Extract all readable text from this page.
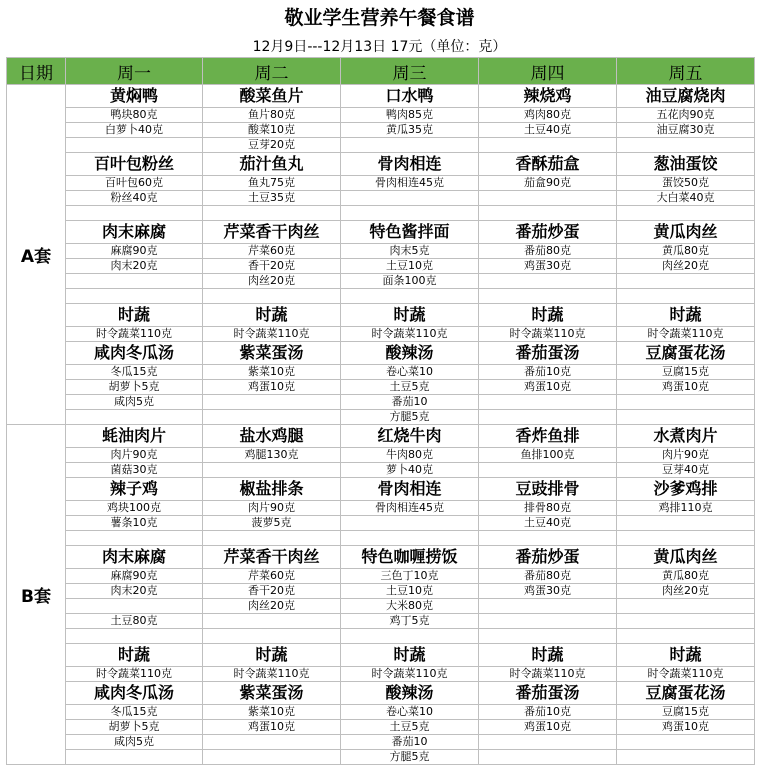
敬业学生营养午餐食谱
12月9日---12月13日 17元（单位：克）
日期	周一	周二	周三	周四	周五
A套	黄焖鸭	酸菜鱼片	口水鸭	辣烧鸡	油豆腐烧肉
	鸭块80克	鱼片80克	鸭肉85克	鸡肉80克	五花肉90克
	白萝卜40克	酸菜10克	黄瓜35克	土豆40克	油豆腐30克
		豆芽20克			
	百叶包粉丝	茄汁鱼丸	骨肉相连	香酥茄盒	葱油蛋饺
	百叶包60克	鱼丸75克	骨肉相连45克	茄盒90克	蛋饺50克
	粉丝40克	土豆35克			大白菜40克

	肉末麻腐	芹菜香干肉丝	特色酱拌面	番茄炒蛋	黄瓜肉丝
	麻腐90克	芹菜60克	肉末5克	番茄80克	黄瓜80克
	肉末20克	香干20克	土豆10克	鸡蛋30克	肉丝20克
		肉丝20克	面条100克		

	时蔬	时蔬	时蔬	时蔬	时蔬
	时令蔬菜110克	时令蔬菜110克	时令蔬菜110克	时令蔬菜110克	时令蔬菜110克
	咸肉冬瓜汤	紫菜蛋汤	酸辣汤	番茄蛋汤	豆腐蛋花汤
	冬瓜15克	紫菜10克	卷心菜10	番茄10克	豆腐15克
	胡萝卜5克	鸡蛋10克	土豆5克	鸡蛋10克	鸡蛋10克
	咸肉5克		番茄10		
			方腿5克		
B套	蚝油肉片	盐水鸡腿	红烧牛肉	香炸鱼排	水煮肉片
	肉片90克	鸡腿130克	牛肉80克	鱼排100克	肉片90克
	菌菇30克		萝卜40克		豆芽40克
	辣子鸡	椒盐排条	骨肉相连	豆豉排骨	沙爹鸡排
	鸡块100克	肉片90克	骨肉相连45克	排骨80克	鸡排110克
	薯条10克	菠萝5克		土豆40克	

	肉末麻腐	芹菜香干肉丝	特色咖喱捞饭	番茄炒蛋	黄瓜肉丝
	麻腐90克	芹菜60克	三色丁10克	番茄80克	黄瓜80克
	肉末20克	香干20克	土豆10克	鸡蛋30克	肉丝20克
		肉丝20克	大米80克		
	土豆80克		鸡丁5克		

	时蔬	时蔬	时蔬	时蔬	时蔬
	时令蔬菜110克	时令蔬菜110克	时令蔬菜110克	时令蔬菜110克	时令蔬菜110克
	咸肉冬瓜汤	紫菜蛋汤	酸辣汤	番茄蛋汤	豆腐蛋花汤
	冬瓜15克	紫菜10克	卷心菜10	番茄10克	豆腐15克
	胡萝卜5克	鸡蛋10克	土豆5克	鸡蛋10克	鸡蛋10克
	咸肉5克		番茄10		
			方腿5克		
